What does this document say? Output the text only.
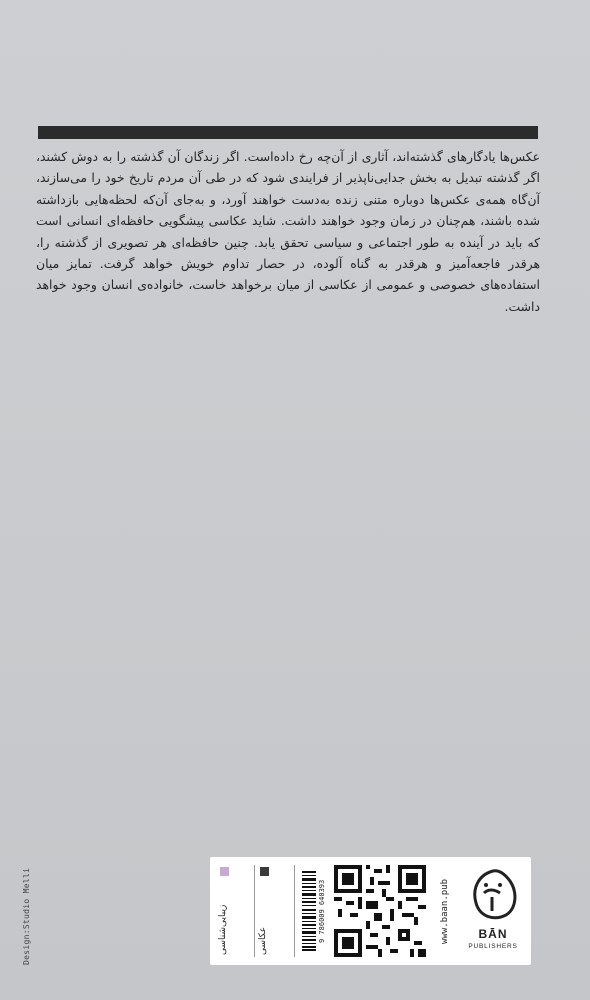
عکس‌ها یادگارهای گذشته‌اند، آثاری از آن‌چه رخ داده‌است. اگر زندگان آن گذشته را به دوش کشند، اگر گذشته تبدیل به بخش جدایی‌ناپذیر از فرایندی شود که در طی آن مردم تاریخ خود را می‌سازند، آن‌گاه همه‌ی عکس‌ها دوباره متنی زنده به‌دست خواهند آورد، و به‌جای آن‌که لحظه‌هایی بازداشته شده باشند، هم‌چنان در زمان وجود خواهند داشت. شاید عکاسی پیشگویی حافظه‌ای انسانی است که باید در آینده به طور اجتماعی و سیاسی تحقق یابد. چنین حافظه‌ای هر تصویری از گذشته را، هرقدر فاجعه‌آمیز و هرقدر به گناه آلوده، در حصار تداوم خویش خواهد گرفت. تمایز میان استفاده‌های خصوصی و عمومی از عکاسی از میان برخواهد خاست، خانواده‌ی انسان وجود خواهد داشت.

Design:Studio Melli	زیبایی‌شناسی	عکاسی	9 786009 640393	www.baan.pub	BĀN
PUBLISHERS
